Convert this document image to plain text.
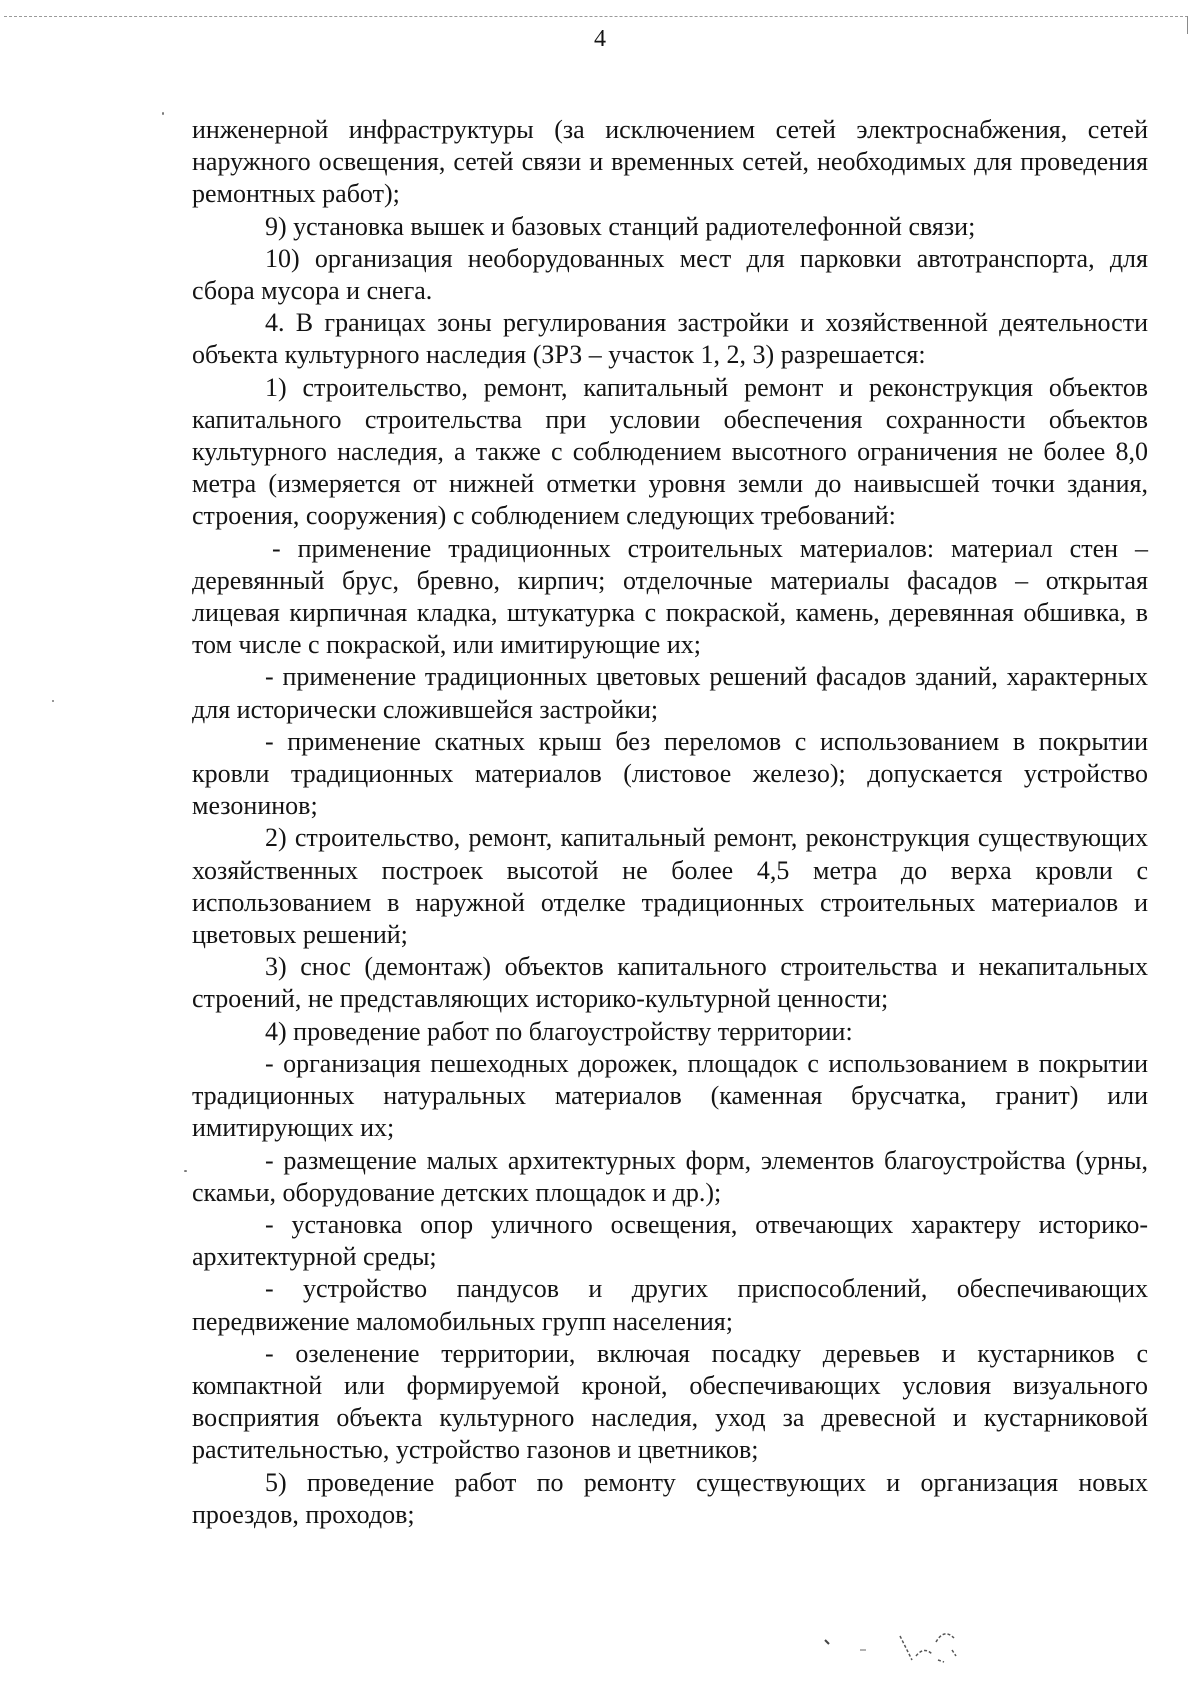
4

инженерной инфраструктуры (за исключением сетей электроснабжения, сетей наружного освещения, сетей связи и временных сетей, необходимых для проведения ремонтных работ);

9) установка вышек и базовых станций радиотелефонной связи;

10) организация необорудованных мест для парковки автотранспорта, для сбора мусора и снега.

4. В границах зоны регулирования застройки и хозяйственной деятельности объекта культурного наследия (ЗРЗ – участок 1, 2, 3) разрешается:

1) строительство, ремонт, капитальный ремонт и реконструкция объектов капитального строительства при условии обеспечения сохранности объектов культурного наследия, а также с соблюдением высотного ограничения не более 8,0 метра (измеряется от нижней отметки уровня земли до наивысшей точки здания, строения, сооружения) с соблюдением следующих требований:

- применение традиционных строительных материалов: материал стен – деревянный брус, бревно, кирпич; отделочные материалы фасадов – открытая лицевая кирпичная кладка, штукатурка с покраской, камень, деревянная обшивка, в том числе с покраской, или имитирующие их;

- применение традиционных цветовых решений фасадов зданий, характерных для исторически сложившейся застройки;

- применение скатных крыш без переломов с использованием в покрытии кровли традиционных материалов (листовое железо); допускается устройство мезонинов;

2) строительство, ремонт, капитальный ремонт, реконструкция существующих хозяйственных построек высотой не более 4,5 метра до верха кровли с использованием в наружной отделке традиционных строительных материалов и цветовых решений;

3) снос (демонтаж) объектов капитального строительства и некапитальных строений, не представляющих историко-культурной ценности;

4) проведение работ по благоустройству территории:

- организация пешеходных дорожек, площадок с использованием в покрытии традиционных натуральных материалов (каменная брусчатка, гранит) или имитирующих их;

- размещение малых архитектурных форм, элементов благоустройства (урны, скамьи, оборудование детских площадок и др.);

- установка опор уличного освещения, отвечающих характеру историко-архитектурной среды;

- устройство пандусов и других приспособлений, обеспечивающих передвижение маломобильных групп населения;

- озеленение территории, включая посадку деревьев и кустарников с компактной или формируемой кроной, обеспечивающих условия визуального восприятия объекта культурного наследия, уход за древесной и кустарниковой растительностью, устройство газонов и цветников;

5) проведение работ по ремонту существующих и организация новых проездов, проходов;
